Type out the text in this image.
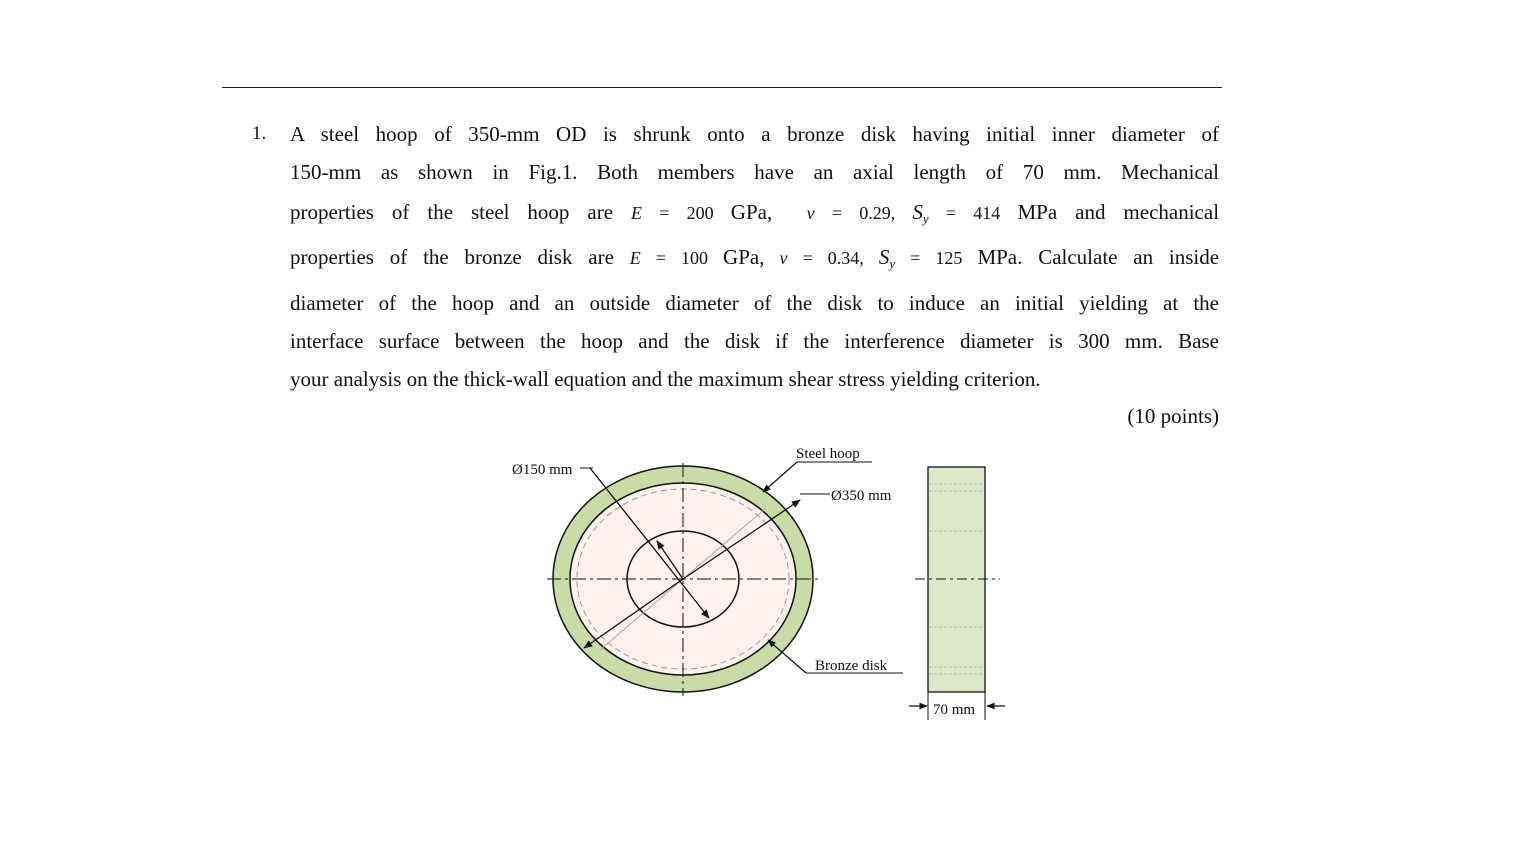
1. A steel hoop of 350-mm OD is shrunk onto a bronze disk having initial inner diameter of
150-mm as shown in Fig.1. Both members have an axial length of 70 mm. Mechanical
properties of the steel hoop are E = 200 GPa, ν = 0.29, $S_y = 414$ MPa and mechanical
properties of the bronze disk are E = 100 GPa, ν = 0.34, $S_y = 125$ MPa. Calculate an inside
diameter of the hoop and an outside diameter of the disk to induce an initial yielding at the
interface surface between the hoop and the disk if the interference diameter is 300 mm. Base
your analysis on the thick-wall equation and the maximum shear stress yielding criterion.
(10 points)
Ø150 mm
Ø350 mm
Steel hoop
Bronze disk
70 mm
